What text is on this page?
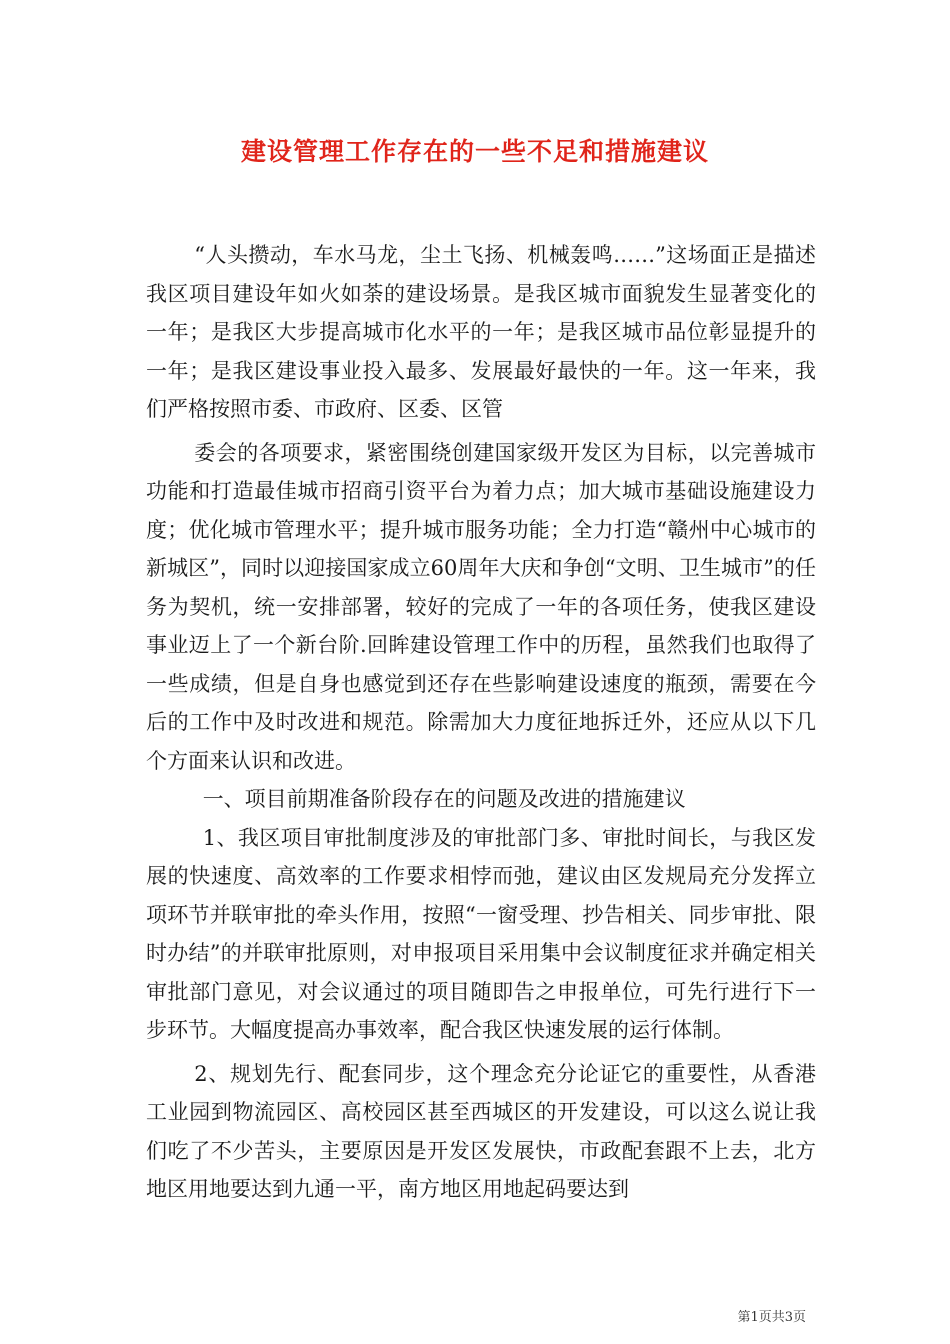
建设管理工作存在的一些不足和措施建议

“人头攒动，车水马龙，尘土飞扬、机械轰鸣……”这场面正是描述我区项目建设年如火如荼的建设场景。是我区城市面貌发生显著变化的一年；是我区大步提高城市化水平的一年；是我区城市品位彰显提升的一年；是我区建设事业投入最多、发展最好最快的一年。这一年来，我们严格按照市委、市政府、区委、区管

委会的各项要求，紧密围绕创建国家级开发区为目标，以完善城市功能和打造最佳城市招商引资平台为着力点；加大城市基础设施建设力度；优化城市管理水平；提升城市服务功能；全力打造“赣州中心城市的新城区”，同时以迎接国家成立60周年大庆和争创“文明、卫生城市”的任务为契机，统一安排部署，较好的完成了一年的各项任务，使我区建设事业迈上了一个新台阶.回眸建设管理工作中的历程，虽然我们也取得了一些成绩，但是自身也感觉到还存在些影响建设速度的瓶颈，需要在今后的工作中及时改进和规范。除需加大力度征地拆迁外，还应从以下几个方面来认识和改进。

一、项目前期准备阶段存在的问题及改进的措施建议

1、我区项目审批制度涉及的审批部门多、审批时间长，与我区发展的快速度、高效率的工作要求相悖而弛，建议由区发规局充分发挥立项环节并联审批的牵头作用，按照“一窗受理、抄告相关、同步审批、限时办结”的并联审批原则，对申报项目采用集中会议制度征求并确定相关审批部门意见，对会议通过的项目随即告之申报单位，可先行进行下一步环节。大幅度提高办事效率，配合我区快速发展的运行体制。

2、规划先行、配套同步，这个理念充分论证它的重要性，从香港工业园到物流园区、高校园区甚至西城区的开发建设，可以这么说让我们吃了不少苦头，主要原因是开发区发展快，市政配套跟不上去，北方地区用地要达到九通一平，南方地区用地起码要达到

第1页共3页
